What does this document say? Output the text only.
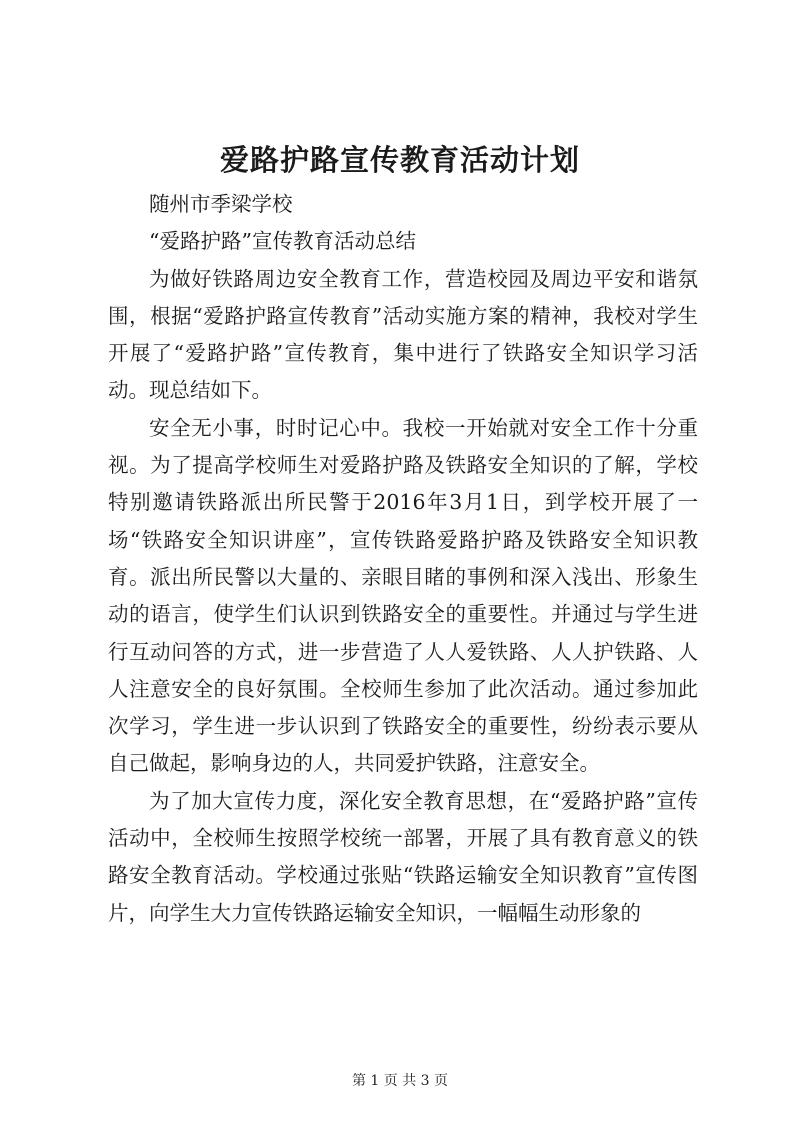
爱路护路宣传教育活动计划

随州市季梁学校

“爱路护路”宣传教育活动总结

为做好铁路周边安全教育工作，营造校园及周边平安和谐氛围，根据“爱路护路宣传教育”活动实施方案的精神，我校对学生开展了“爱路护路”宣传教育，集中进行了铁路安全知识学习活动。现总结如下。

安全无小事，时时记心中。我校一开始就对安全工作十分重视。为了提高学校师生对爱路护路及铁路安全知识的了解，学校特别邀请铁路派出所民警于2016年3月1日，到学校开展了一场“铁路安全知识讲座”，宣传铁路爱路护路及铁路安全知识教育。派出所民警以大量的、亲眼目睹的事例和深入浅出、形象生动的语言，使学生们认识到铁路安全的重要性。并通过与学生进行互动问答的方式，进一步营造了人人爱铁路、人人护铁路、人人注意安全的良好氛围。全校师生参加了此次活动。通过参加此次学习，学生进一步认识到了铁路安全的重要性，纷纷表示要从自己做起，影响身边的人，共同爱护铁路，注意安全。

为了加大宣传力度，深化安全教育思想，在“爱路护路”宣传活动中，全校师生按照学校统一部署，开展了具有教育意义的铁路安全教育活动。学校通过张贴“铁路运输安全知识教育”宣传图片，向学生大力宣传铁路运输安全知识，一幅幅生动形象的

第 1 页 共 3 页
